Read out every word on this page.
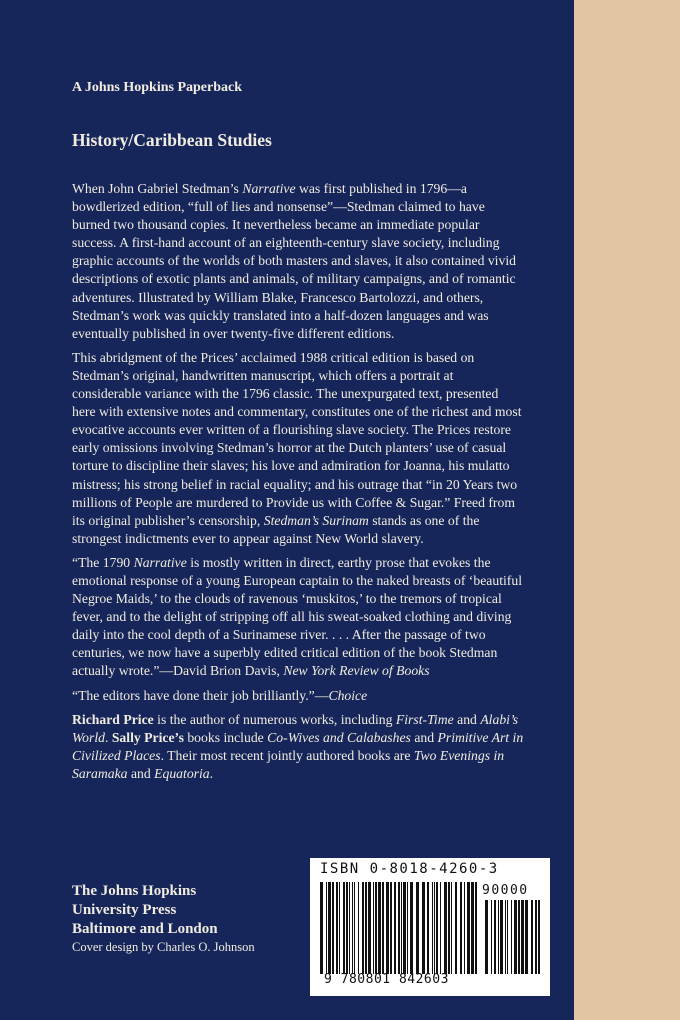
A Johns Hopkins Paperback
History/Caribbean Studies

When John Gabriel Stedman’s Narrative was first published in 1796—a bowdlerized edition, “full of lies and nonsense”—Stedman claimed to have burned two thousand copies. It nevertheless became an immediate popular success. A first-hand account of an eighteenth-century slave society, including graphic accounts of the worlds of both masters and slaves, it also contained vivid descriptions of exotic plants and animals, of military campaigns, and of romantic adventures. Illustrated by William Blake, Francesco Bartolozzi, and others, Stedman’s work was quickly translated into a half-dozen languages and was eventually published in over twenty-five different editions.

This abridgment of the Prices’ acclaimed 1988 critical edition is based on Stedman’s original, handwritten manuscript, which offers a portrait at considerable variance with the 1796 classic. The unexpurgated text, presented here with extensive notes and commentary, constitutes one of the richest and most evocative accounts ever written of a flourishing slave society. The Prices restore early omissions involving Stedman’s horror at the Dutch planters’ use of casual torture to discipline their slaves; his love and admiration for Joanna, his mulatto mistress; his strong belief in racial equality; and his outrage that “in 20 Years two millions of People are murdered to Provide us with Coffee & Sugar.” Freed from its original publisher’s censorship, Stedman’s Surinam stands as one of the strongest indictments ever to appear against New World slavery.

“The 1790 Narrative is mostly written in direct, earthy prose that evokes the emotional response of a young European captain to the naked breasts of ‘beautiful Negroe Maids,’ to the clouds of ravenous ‘muskitos,’ to the tremors of tropical fever, and to the delight of stripping off all his sweat-soaked clothing and diving daily into the cool depth of a Surinamese river. . . . After the passage of two centuries, we now have a superbly edited critical edition of the book Stedman actually wrote.”—David Brion Davis, New York Review of Books

“The editors have done their job brilliantly.”—Choice

Richard Price is the author of numerous works, including First-Time and Alabi’s World. Sally Price’s books include Co-Wives and Calabashes and Primitive Art in Civilized Places. Their most recent jointly authored books are Two Evenings in Saramaka and Equatoria.

The Johns Hopkins
University Press
Baltimore and London
Cover design by Charles O. Johnson
ISBN 0-8018-4260-3
90000
9 780801 842603
